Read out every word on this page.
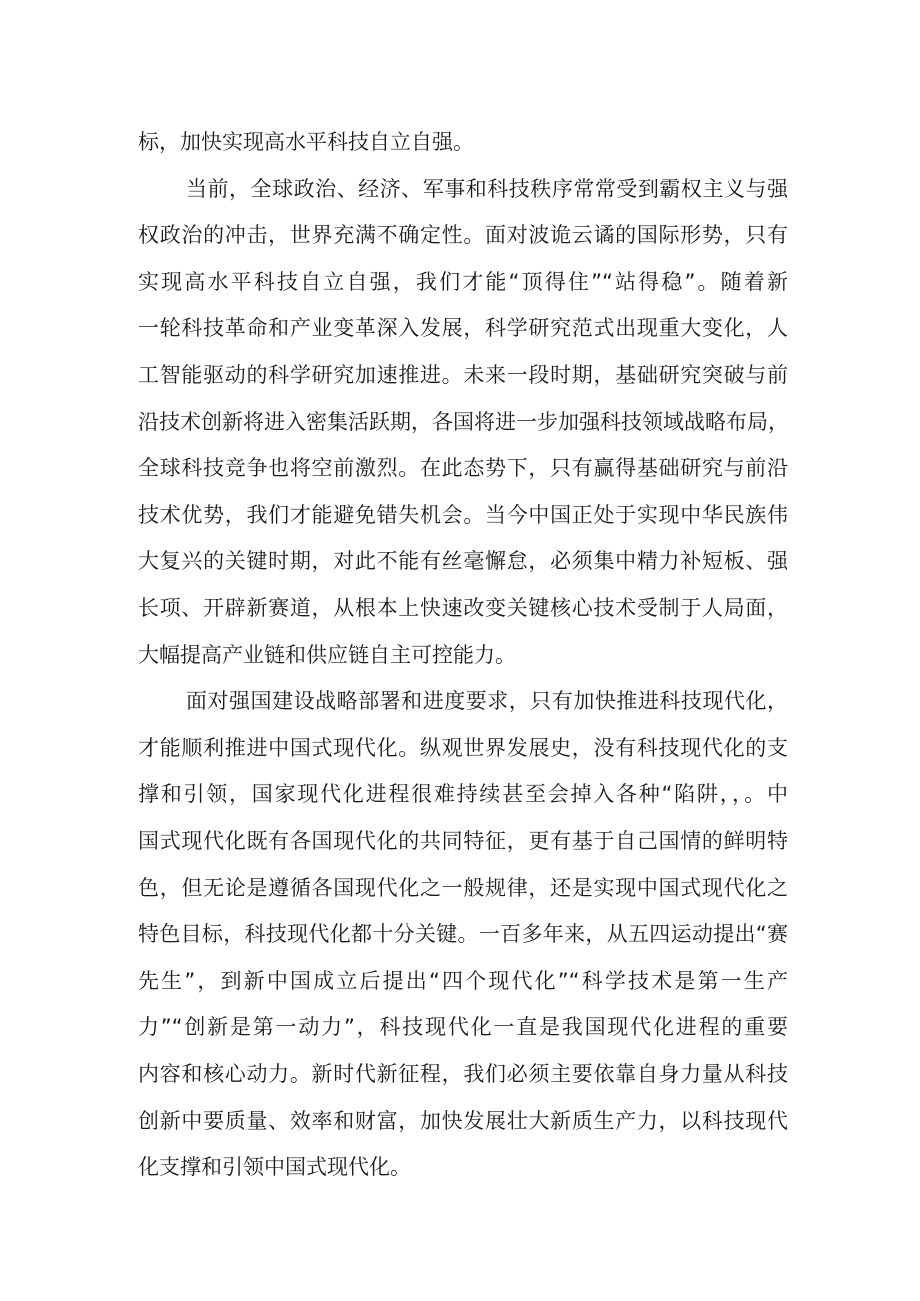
标，加快实现高水平科技自立自强。
当前，全球政治、经济、军事和科技秩序常常受到霸权主义与强
权政治的冲击，世界充满不确定性。面对波诡云谲的国际形势，只有
实现高水平科技自立自强，我们才能“顶得住”“站得稳”。随着新
一轮科技革命和产业变革深入发展，科学研究范式出现重大变化，人
工智能驱动的科学研究加速推进。未来一段时期，基础研究突破与前
沿技术创新将进入密集活跃期，各国将进一步加强科技领域战略布局，
全球科技竞争也将空前激烈。在此态势下，只有赢得基础研究与前沿
技术优势，我们才能避免错失机会。当今中国正处于实现中华民族伟
大复兴的关键时期，对此不能有丝毫懈怠，必须集中精力补短板、强
长项、开辟新赛道，从根本上快速改变关键核心技术受制于人局面，
大幅提高产业链和供应链自主可控能力。
面对强国建设战略部署和进度要求，只有加快推进科技现代化，
才能顺利推进中国式现代化。纵观世界发展史，没有科技现代化的支
撑和引领，国家现代化进程很难持续甚至会掉入各种“陷阱，，。中
国式现代化既有各国现代化的共同特征，更有基于自己国情的鲜明特
色，但无论是遵循各国现代化之一般规律，还是实现中国式现代化之
特色目标，科技现代化都十分关键。一百多年来，从五四运动提出“赛
先生”，到新中国成立后提出“四个现代化”“科学技术是第一生产
力”“创新是第一动力”，科技现代化一直是我国现代化进程的重要
内容和核心动力。新时代新征程，我们必须主要依靠自身力量从科技
创新中要质量、效率和财富，加快发展壮大新质生产力，以科技现代
化支撑和引领中国式现代化。
